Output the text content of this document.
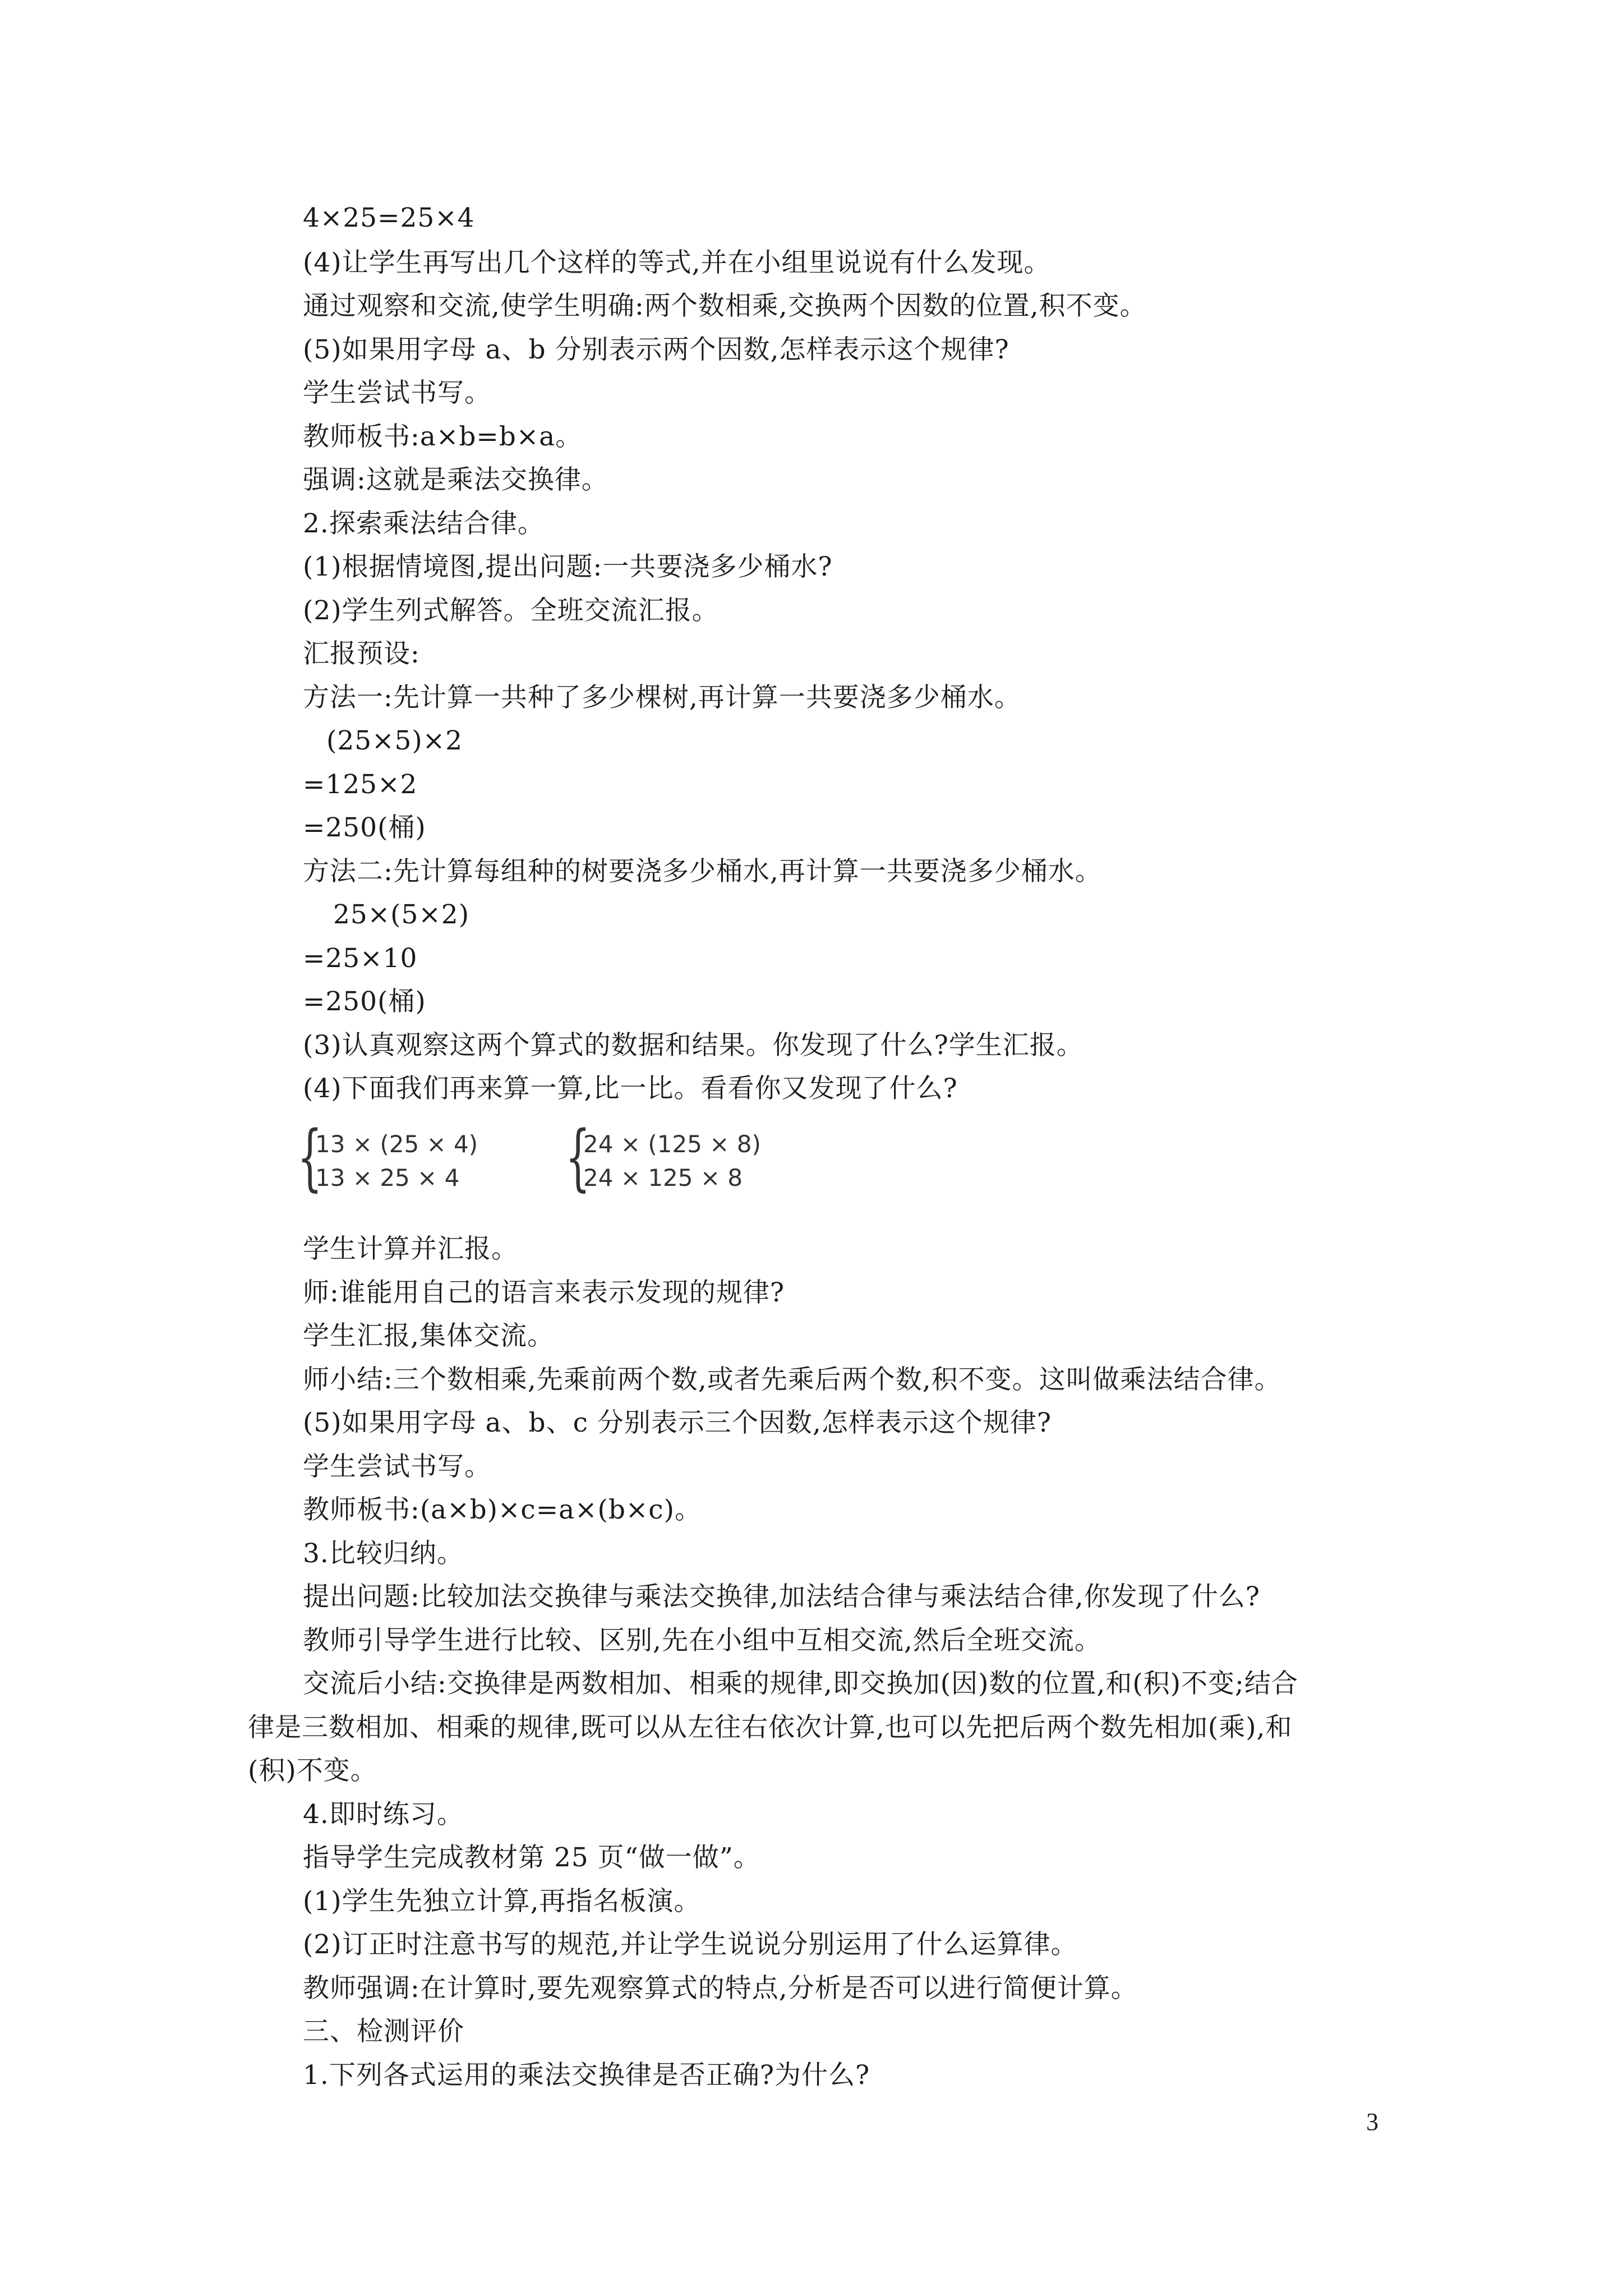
4×25=25×4
(4)让学生再写出几个这样的等式,并在小组里说说有什么发现。
通过观察和交流,使学生明确:两个数相乘,交换两个因数的位置,积不变。
(5)如果用字母 a、b 分别表示两个因数,怎样表示这个规律?
学生尝试书写。
教师板书:a×b=b×a。
强调:这就是乘法交换律。
2.探索乘法结合律。
(1)根据情境图,提出问题:一共要浇多少桶水?
(2)学生列式解答。全班交流汇报。
汇报预设:
方法一:先计算一共种了多少棵树,再计算一共要浇多少桶水。
(25×5)×2
=125×2
=250(桶)
方法二:先计算每组种的树要浇多少桶水,再计算一共要浇多少桶水。
25×(5×2)
=25×10
=250(桶)
(3)认真观察这两个算式的数据和结果。你发现了什么?学生汇报。
(4)下面我们再来算一算,比一比。看看你又发现了什么?
{
13 × (25 × 4)
13 × 25 × 4 {
24 × (125 × 8)
24 × 125 × 8
学生计算并汇报。
师:谁能用自己的语言来表示发现的规律?
学生汇报,集体交流。
师小结:三个数相乘,先乘前两个数,或者先乘后两个数,积不变。这叫做乘法结合律。
(5)如果用字母 a、b、c 分别表示三个因数,怎样表示这个规律?
学生尝试书写。
教师板书:(a×b)×c=a×(b×c)。
3.比较归纳。
提出问题:比较加法交换律与乘法交换律,加法结合律与乘法结合律,你发现了什么?
教师引导学生进行比较、区别,先在小组中互相交流,然后全班交流。
交流后小结:交换律是两数相加、相乘的规律,即交换加(因)数的位置,和(积)不变;结合
律是三数相加、相乘的规律,既可以从左往右依次计算,也可以先把后两个数先相加(乘),和
(积)不变。
4.即时练习。
指导学生完成教材第 25 页“做一做”。
(1)学生先独立计算,再指名板演。
(2)订正时注意书写的规范,并让学生说说分别运用了什么运算律。
教师强调:在计算时,要先观察算式的特点,分析是否可以进行简便计算。
三、检测评价
1.下列各式运用的乘法交换律是否正确?为什么?
3
